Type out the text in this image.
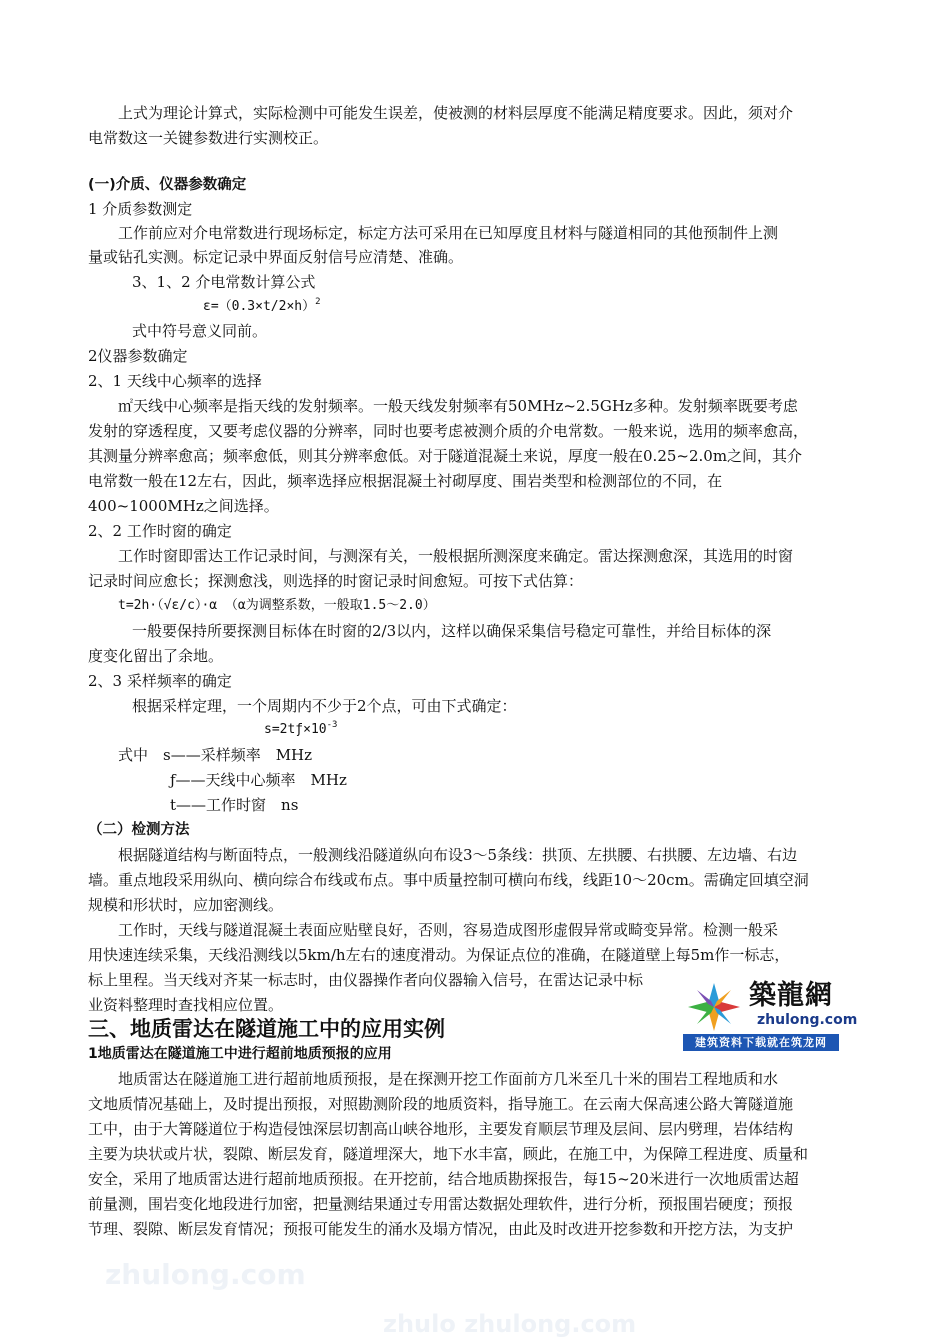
上式为理论计算式，实际检测中可能发生误差，使被测的材料层厚度不能满足精度要求。因此，须对介
电常数这一关键参数进行实测校正。
(一)介质、仪器参数确定
1 介质参数测定
工作前应对介电常数进行现场标定，标定方法可采用在已知厚度且材料与隧道相同的其他预制件上测
量或钻孔实测。标定记录中界面反射信号应清楚、准确。
3、1、2 介电常数计算公式
$\varepsilon=(0.3\times t/2\times h)^2$
式中符号意义同前。
2仪器参数确定
2、1 天线中心频率的选择
㎡天线中心频率是指天线的发射频率。一般天线发射频率有50MHz~2.5GHz多种。发射频率既要考虑
发射的穿透程度，又要考虑仪器的分辨率，同时也要考虑被测介质的介电常数。一般来说，选用的频率愈高，
其测量分辨率愈高；频率愈低，则其分辨率愈低。对于隧道混凝土来说，厚度一般在0.25~2.0m之间，其介
电常数一般在12左右，因此，频率选择应根据混凝土衬砌厚度、围岩类型和检测部位的不同，在
400~1000MHz之间选择。
2、2 工作时窗的确定
工作时窗即雷达工作记录时间，与测深有关，一般根据所测深度来确定。雷达探测愈深，其选用的时窗
记录时间应愈长；探测愈浅，则选择的时窗记录时间愈短。可按下式估算：
t=2h·（√ε/c）·α （α为调整系数，一般取1.5～2.0）
一般要保持所要探测目标体在时窗的2/3以内，这样以确保采集信号稳定可靠性，并给目标体的深
度变化留出了余地。
2、3 采样频率的确定
根据采样定理，一个周期内不少于2个点，可由下式确定：
$s=2tƒ\times 10^{-3}$
式中　s——采样频率　MHz
ƒ——天线中心频率　MHz
t——工作时窗　ns
（二）检测方法
根据隧道结构与断面特点，一般测线沿隧道纵向布设3～5条线：拱顶、左拱腰、右拱腰、左边墙、右边
墙。重点地段采用纵向、横向综合布线或布点。事中质量控制可横向布线，线距10～20cm。需确定回填空洞
规模和形状时，应加密测线。
工作时，天线与隧道混凝土表面应贴壁良好，否则，容易造成图形虚假异常或畸变异常。检测一般采
用快速连续采集，天线沿测线以5km/h左右的速度滑动。为保证点位的准确，在隧道壁上每5m作一标志，
标上里程。当天线对齐某一标志时，由仪器操作者向仪器输入信号，在雷达记录中标
业资料整理时查找相应位置。
三、地质雷达在隧道施工中的应用实例
1地质雷达在隧道施工中进行超前地质预报的应用
地质雷达在隧道施工进行超前地质预报，是在探测开挖工作面前方几米至几十米的围岩工程地质和水
文地质情况基础上，及时提出预报，对照勘测阶段的地质资料，指导施工。在云南大保高速公路大箐隧道施
工中，由于大箐隧道位于构造侵蚀深层切割高山峡谷地形，主要发育顺层节理及层间、层内劈理，岩体结构
主要为块状或片状，裂隙、断层发育，隧道埋深大，地下水丰富，顾此，在施工中，为保障工程进度、质量和
安全，采用了地质雷达进行超前地质预报。在开挖前，结合地质勘探报告，每15~20米进行一次地质雷达超
前量测，围岩变化地段进行加密，把量测结果通过专用雷达数据处理软件，进行分析，预报围岩硬度；预报
节理、裂隙、断层发育情况；预报可能发生的涌水及塌方情况，由此及时改进开挖参数和开挖方法，为支护
築龍網
zhulong.com
建筑资料下载就在筑龙网
zhulong.com
zhulo zhulong.com
